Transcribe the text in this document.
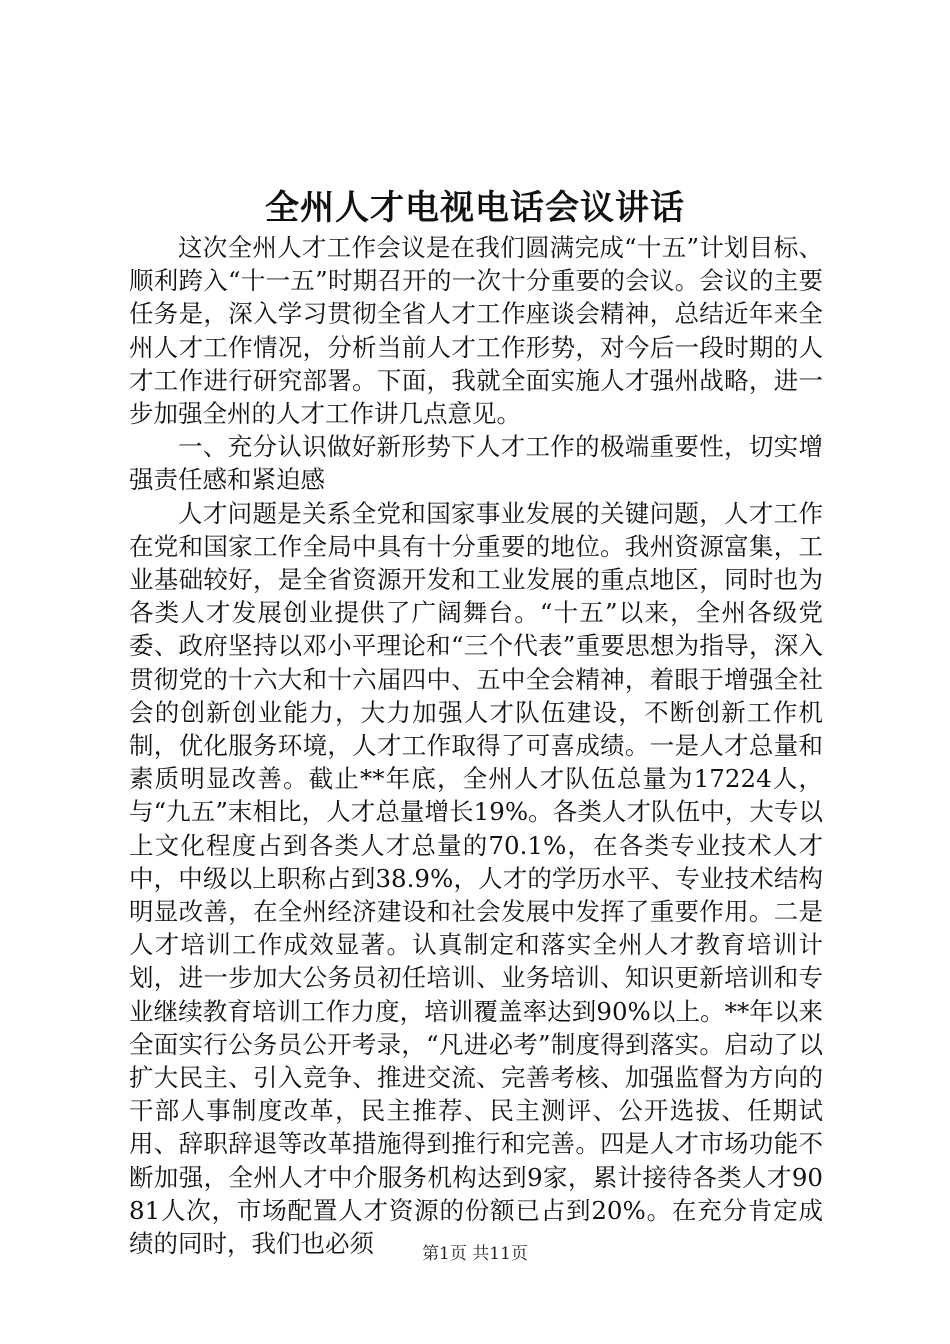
全州人才电视电话会议讲话

这次全州人才工作会议是在我们圆满完成“十五”计划目标、顺利跨入“十一五”时期召开的一次十分重要的会议。会议的主要任务是，深入学习贯彻全省人才工作座谈会精神，总结近年来全州人才工作情况，分析当前人才工作形势，对今后一段时期的人才工作进行研究部署。下面，我就全面实施人才强州战略，进一步加强全州的人才工作讲几点意见。

一、充分认识做好新形势下人才工作的极端重要性，切实增强责任感和紧迫感

人才问题是关系全党和国家事业发展的关键问题，人才工作在党和国家工作全局中具有十分重要的地位。我州资源富集，工业基础较好，是全省资源开发和工业发展的重点地区，同时也为各类人才发展创业提供了广阔舞台。“十五”以来，全州各级党委、政府坚持以邓小平理论和“三个代表”重要思想为指导，深入贯彻党的十六大和十六届四中、五中全会精神，着眼于增强全社会的创新创业能力，大力加强人才队伍建设，不断创新工作机制，优化服务环境，人才工作取得了可喜成绩。一是人才总量和素质明显改善。截止**年底，全州人才队伍总量为17224人，与“九五”末相比，人才总量增长19%。各类人才队伍中，大专以上文化程度占到各类人才总量的70.1%，在各类专业技术人才中，中级以上职称占到38.9%，人才的学历水平、专业技术结构明显改善，在全州经济建设和社会发展中发挥了重要作用。二是人才培训工作成效显著。认真制定和落实全州人才教育培训计划，进一步加大公务员初任培训、业务培训、知识更新培训和专业继续教育培训工作力度，培训覆盖率达到90%以上。**年以来全面实行公务员公开考录，“凡进必考”制度得到落实。启动了以扩大民主、引入竞争、推进交流、完善考核、加强监督为方向的干部人事制度改革，民主推荐、民主测评、公开选拔、任期试用、辞职辞退等改革措施得到推行和完善。四是人才市场功能不断加强，全州人才中介服务机构达到9家，累计接待各类人才9081人次，市场配置人才资源的份额已占到20%。在充分肯定成绩的同时，我们也必须	第1页 共11页
